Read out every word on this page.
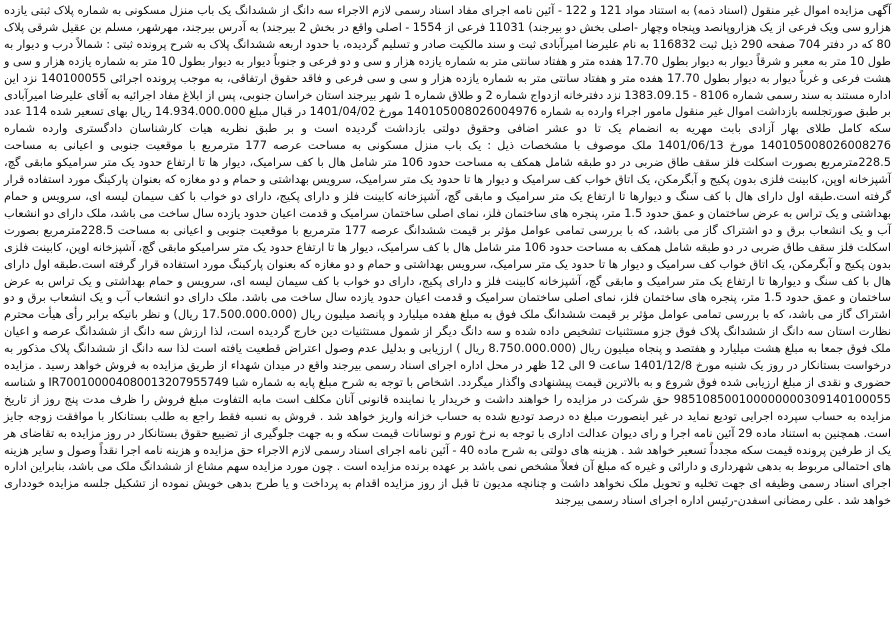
آگهی مزایده اموال غیر منقول (اسناد ذمه) به استناد مواد 121 و 122 - آئین نامه اجرای مفاد اسناد رسمی لازم الاجراء سه دانگ از ششدانگ یک باب منزل مسکونی به شماره پلاک ثبتی یازده هزارو سی ویک فرعی از یک هزاروپانصد وپنجاه وچهار -اصلی بخش دو بیرجند) 11031 فرعی از 1554 - اصلی واقع در بخش 2 بیرجند) به آدرس بیرجند، مهرشهر، مسلم بن عقیل شرقی پلاک 80 که در دفتر 704 صفحه 290 ذیل ثبت 116832 به نام علیرضا امیرآبادی ثبت و سند مالکیت صادر و تسلیم گردیده، با حدود اربعه ششدانگ پلاک به شرح پرونده ثبتی : شمالاً درب و دیوار به طول 10 متر به معبر و شرقاً دیوار به دیوار بطول 17.70 هفده متر و هفتاد سانتی متر به شماره یازده هزار و سی و دو فرعی و جنوباً دیوار به دیوار بطول 10 متر به شماره یازده هزار و سی و هشت فرعی و غرباً دیوار به دیوار بطول 17.70 هفده متر و هفتاد سانتی متر به شماره یازده هزار و سی و سی فرعی و فاقد حقوق ارتفاقی، به موجب پرونده اجرائی 140100055 نزد این اداره مستند به سند رسمی شماره 8106 - 1383.09.15 نزد دفترخانه ازدواج شماره 2 و طلاق شماره 1 شهر بیرجند استان خراسان جنوبی، پس از ابلاغ مفاد اجرائیه به آقای علیرضا امیرآبادی بر طبق صورتجلسه بازداشت اموال غیر منقول مامور اجراء وارده به شماره 140105008026004976 مورخ 1401/04/02 در قبال مبلغ 14.934.000.000 ریال بهای تسعیر شده 114 عدد سکه کامل طلای بهار آزادی بابت مهریه به انضمام یک تا دو عشر اضافی وحقوق دولتی بازداشت گردیده است و بر طبق نظریه هیات کارشناسان دادگستری وارده شماره 140105008026008276 مورخ 1401/06/13 ملک موصوف با مشخصات ذیل : یک باب منزل مسکونی به مساحت عرصه 177 مترمربع با موقعیت جنوبی و اعیانی به مساحت 228.5مترمربع بصورت اسکلت فلز سقف طاق ضربی در دو طبقه شامل همکف به مساحت حدود 106 متر شامل هال با کف سرامیک، دیوار ها تا ارتفاع حدود یک متر سرامیکو مابقی گچ، آشپزخانه اوپن، کابینت فلزی بدون پکیج و آبگرمکن، یک اتاق خواب کف سرامیک و دیوار ها تا حدود یک متر سرامیک، سرویس بهداشتی و حمام و دو مغازه که بعنوان پارکینگ مورد استفاده قرار گرفته است.طبقه اول دارای هال با کف سنگ و دیوارها تا ارتفاع یک متر سرامیک و مابقی گچ، آشپزخانه کابینت فلز و دارای پکیج، دارای دو خواب با کف سیمان لیسه ای، سرویس و حمام بهداشتی و یک تراس به عرض ساختمان و عمق حدود 1.5 متر، پنجره های ساختمان فلز، نمای اصلی ساختمان سرامیک و قدمت اعیان حدود یازده سال ساخت می باشد، ملک دارای دو انشعاب آب و یک انشعاب برق و دو اشتراک گاز می باشد، که با بررسی تمامی عوامل مؤثر بر قیمت ششدانگ عرصه 177 مترمربع با موقعیت جنوبی و اعیانی به مساحت 228.5مترمربع بصورت اسکلت فلز سقف طاق ضربی در دو طبقه شامل همکف به مساحت حدود 106 متر شامل هال با کف سرامیک، دیوار ها تا ارتفاع حدود یک متر سرامیکو مابقی گچ، آشپزخانه اوپن، کابینت فلزی بدون پکیج و آبگرمکن، یک اتاق خواب کف سرامیک و دیوار ها تا حدود یک متر سرامیک، سرویس بهداشتی و حمام و دو مغازه که بعنوان پارکینگ مورد استفاده قرار گرفته است.طبقه اول دارای هال با کف سنگ و دیوارها تا ارتفاع یک متر سرامیک و مابقی گچ، آشپزخانه کابینت فلز و دارای پکیج، دارای دو خواب با کف سیمان لیسه ای، سرویس و حمام بهداشتی و یک تراس به عرض ساختمان و عمق حدود 1.5 متر، پنجره های ساختمان فلز، نمای اصلی ساختمان سرامیک و قدمت اعیان حدود یازده سال ساخت می باشد. ملک دارای دو انشعاب آب و یک انشعاب برق و دو اشتراک گاز می باشد، که با بررسی تمامی عوامل مؤثر بر قیمت ششدانگ ملک فوق به مبلغ هفده میلیارد و پانصد میلیون ریال (17.500.000.000 ریال) و نظر بانیکه برابر رأی هیأت محترم نظارت استان سه دانگ از ششدانگ پلاک فوق جزو مستثنیات تشخیص داده شده و سه دانگ دیگر از شمول مستثنیات دین خارج گردیده است، لذا ارزش سه دانگ از ششدانگ عرصه و اعیان ملک فوق جمعا به مبلغ هشت میلیارد و هفتصد و پنجاه میلیون ریال (8.750.000.000 ریال ) ارزیابی و بدلیل عدم وصول اعتراض قطعیت یافته است لذا سه دانگ از ششدانگ پلاک مذکور به درخواست بستانکار در روز یک شنبه مورخ 1401/12/8 ساعت 9 الی 12 ظهر در محل اداره اجرای اسناد رسمی بیرجند واقع در میدان شهداء از طریق مزایده به فروش خواهد رسید . مزایده حضوری و نقدی از مبلغ ارزیابی شده فوق شروع و به بالاترین قیمت پیشنهادی واگذار میگردد. اشخاص با توجه به شرح مبلغ پایه به شماره شبا IR700100004080013207955749 و شناسه 985108500100000000309140100055 حق شرکت در مزایده را خواهند داشت و خریدار یا نماینده قانونی آنان مکلف است مابه التفاوت مبلغ فروش را ظرف مدت پنج روز از تاریخ مزایده به حساب سپرده اجرایی تودیع نماید در غیر اینصورت مبلغ ده درصد تودیع شده به حساب خزانه واریز خواهد شد . فروش به نسبه فقط راجع به طلب بستانکار با موافقت زوجه جایز است. همچنین به استناد ماده 29 آئین نامه اجرا و رای دیوان عدالت اداری با توجه به نرخ تورم و نوسانات قیمت سکه و به جهت جلوگیری از تضییع حقوق بستانکار در روز مزایده به تقاضای هر یک از طرفین پرونده قیمت سکه مجدداً تسعیر خواهد شد . هزینه های دولتی به شرح ماده 40 - آئین نامه اجرای اسناد رسمی لازم الاجراء حق مزایده و هزینه نامه اجرا نقداً وصول و سایر هزینه های احتمالی مربوط به بدهی شهرداری و دارائی و غیره که مبلغ آن فعلاً مشخص نمی باشد بر عهده برنده مزایده است . چون مورد مزایده سهم مشاع از ششدانگ ملک می باشد، بنابراین اداره اجرای اسناد رسمی وظیفه ای جهت تخلیه و تحویل ملک نخواهد داشت و چنانچه مدیون تا قبل از روز مزایده اقدام به پرداخت و یا طرح بدهی خویش نموده از تشکیل جلسه مزایده خودداری خواهد شد . علی رمضانی اسفدن-رئیس اداره اجرای اسناد رسمی بیرجند
